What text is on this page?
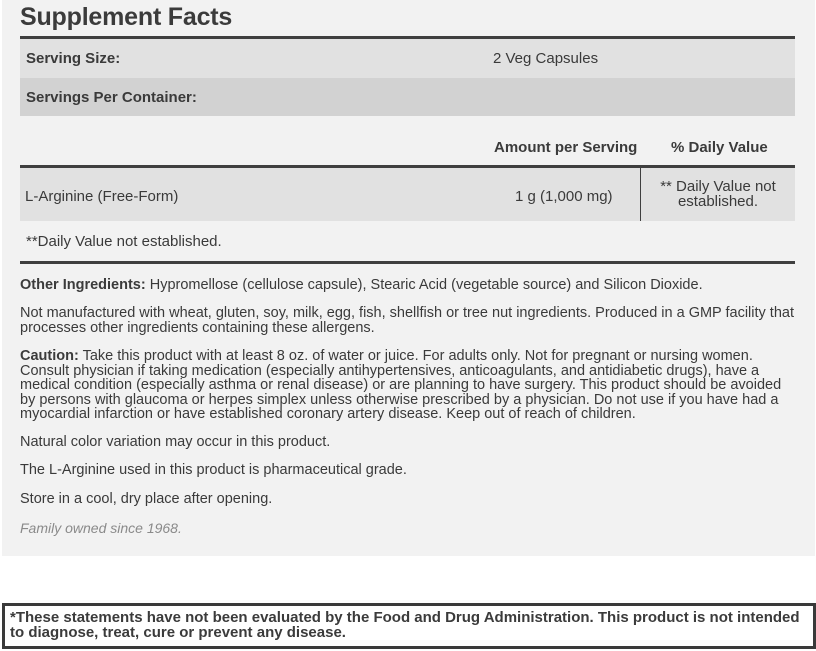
Supplement Facts
Serving Size:	2 Veg Capsules
Servings Per Container:
Amount per Serving % Daily Value
L-Arginine (Free-Form)	1 g (1,000 mg)
** Daily Value not established.
**Daily Value not established.

Other Ingredients: Hypromellose (cellulose capsule), Stearic Acid (vegetable source) and Silicon Dioxide.

Not manufactured with wheat, gluten, soy, milk, egg, fish, shellfish or tree nut ingredients. Produced in a GMP facility that processes other ingredients containing these allergens.

Caution: Take this product with at least 8 oz. of water or juice. For adults only. Not for pregnant or nursing women. Consult physician if taking medication (especially antihypertensives, anticoagulants, and antidiabetic drugs), have a medical condition (especially asthma or renal disease) or are planning to have surgery. This product should be avoided by persons with glaucoma or herpes simplex unless otherwise prescribed by a physician. Do not use if you have had a myocardial infarction or have established coronary artery disease. Keep out of reach of children.

Natural color variation may occur in this product.

The L-Arginine used in this product is pharmaceutical grade.

Store in a cool, dry place after opening.

Family owned since 1968.

*These statements have not been evaluated by the Food and Drug Administration. This product is not intended to diagnose, treat, cure or prevent any disease.
